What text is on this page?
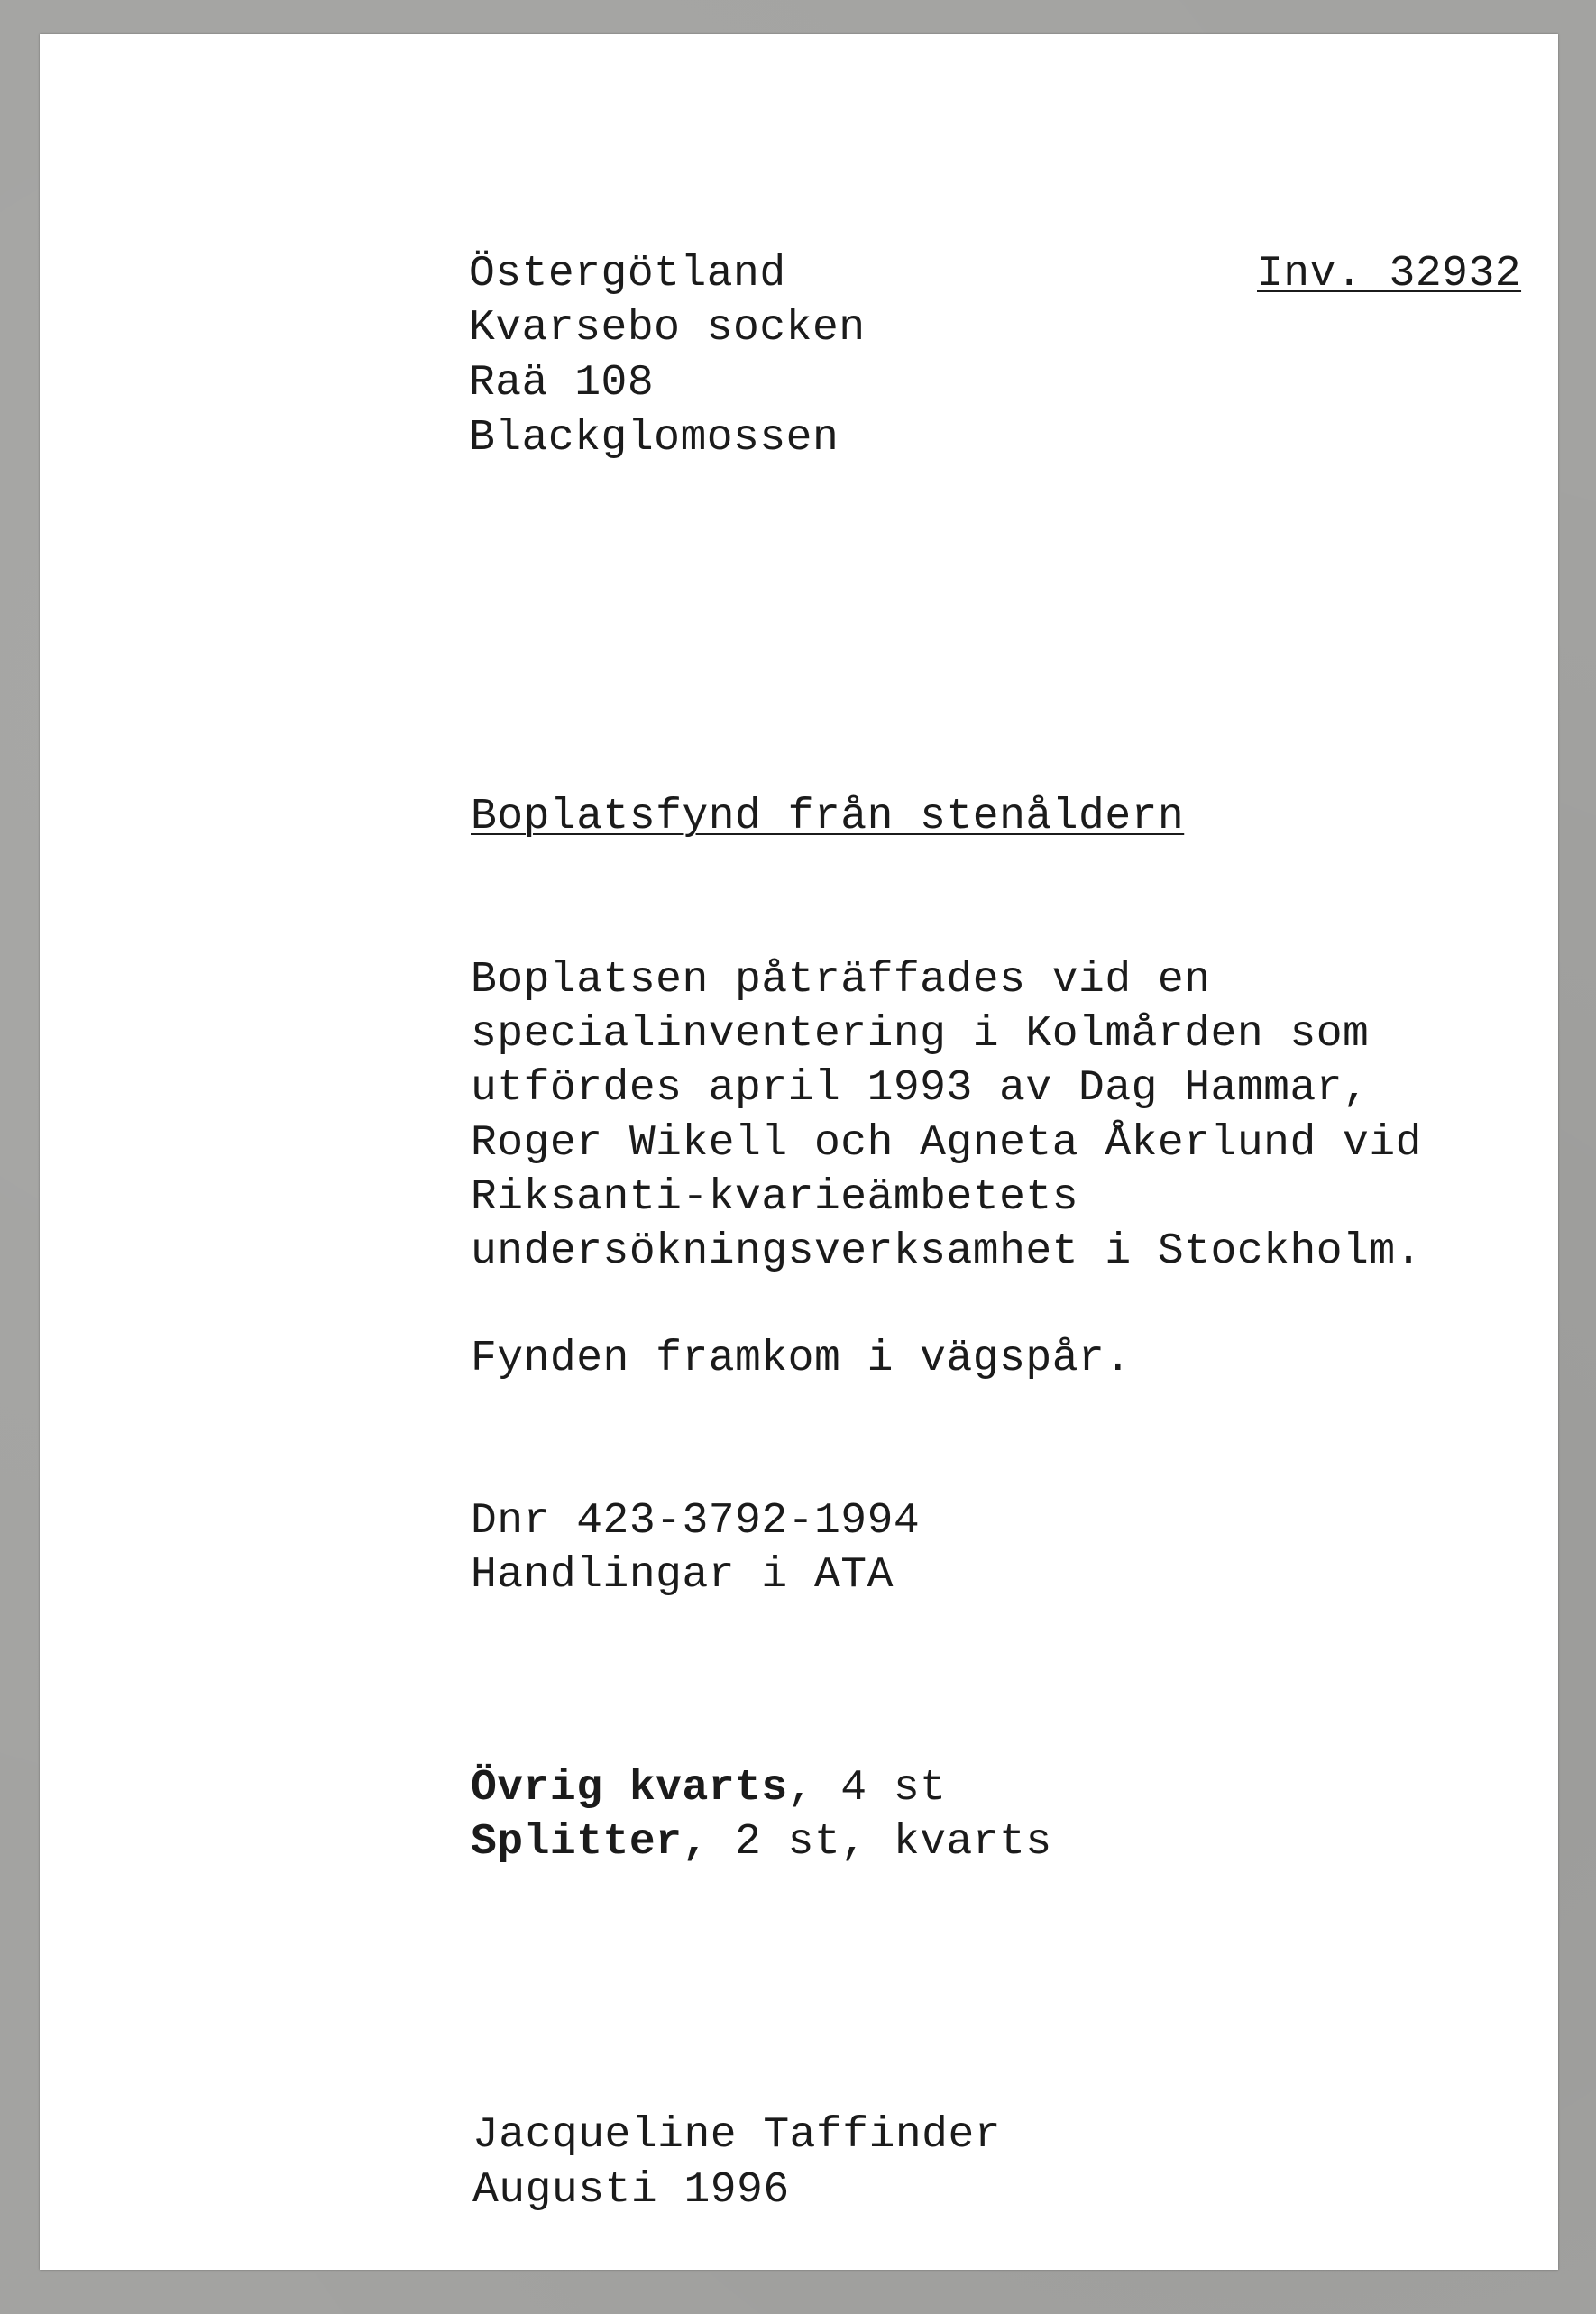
Östergötland	Inv. 32932
Kvarsebo socken
Raä 108
Blackglomossen
Boplatsfynd från stenåldern
Boplatsen påträffades vid en
specialinventering i Kolmården som
utfördes april 1993 av Dag Hammar,
Roger Wikell och Agneta Åkerlund vid
Riksanti-kvarieämbetets
undersökningsverksamhet i Stockholm.
Fynden framkom i vägspår.
Dnr 423-3792-1994
Handlingar i ATA
Övrig kvarts, 4 st
Splitter, 2 st, kvarts
Jacqueline Taffinder
Augusti 1996
